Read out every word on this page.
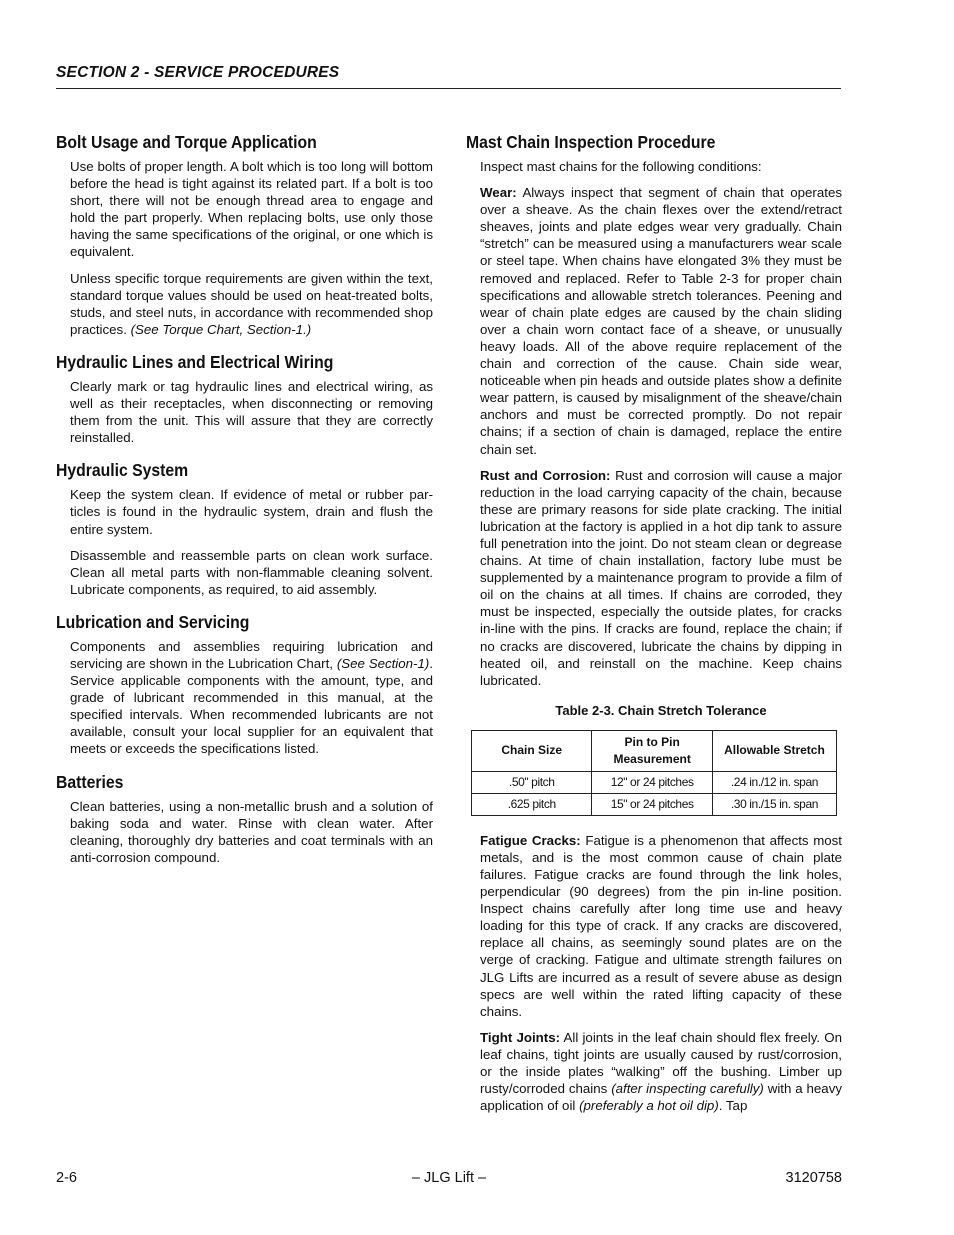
SECTION 2 - SERVICE PROCEDURES
Bolt Usage and Torque Application

Use bolts of proper length. A bolt which is too long will bottom before the head is tight against its related part. If a bolt is too short, there will not be enough thread area to engage and hold the part properly. When replacing bolts, use only those having the same specifications of the original, or one which is equivalent.

Unless specific torque requirements are given within the text, standard torque values should be used on heat-treated bolts, studs, and steel nuts, in accordance with recommended shop practices. (See Torque Chart, Section-1.)

Hydraulic Lines and Electrical Wiring

Clearly mark or tag hydraulic lines and electrical wiring, as well as their receptacles, when disconnecting or removing them from the unit. This will assure that they are correctly reinstalled.

Hydraulic System

Keep the system clean. If evidence of metal or rubber particles is found in the hydraulic system, drain and flush the entire system.

Disassemble and reassemble parts on clean work surface. Clean all metal parts with non-flammable cleaning solvent. Lubricate components, as required, to aid assembly.

Lubrication and Servicing

Components and assemblies requiring lubrication and servicing are shown in the Lubrication Chart, (See Section-1). Service applicable components with the amount, type, and grade of lubricant recommended in this manual, at the specified intervals. When recommended lubricants are not available, consult your local supplier for an equivalent that meets or exceeds the specifications listed.

Batteries

Clean batteries, using a non-metallic brush and a solution of baking soda and water. Rinse with clean water. After cleaning, thoroughly dry batteries and coat terminals with an anti-corrosion compound.

Mast Chain Inspection Procedure

Inspect mast chains for the following conditions:

Wear: Always inspect that segment of chain that operates over a sheave. As the chain flexes over the extend/retract sheaves, joints and plate edges wear very gradually. Chain “stretch” can be measured using a manufacturers wear scale or steel tape. When chains have elongated 3% they must be removed and replaced. Refer to Table 2-3 for proper chain specifications and allowable stretch tolerances. Peening and wear of chain plate edges are caused by the chain sliding over a chain worn contact face of a sheave, or unusually heavy loads. All of the above require replacement of the chain and correction of the cause. Chain side wear, noticeable when pin heads and outside plates show a definite wear pattern, is caused by misalignment of the sheave/chain anchors and must be corrected promptly. Do not repair chains; if a section of chain is damaged, replace the entire chain set.

Rust and Corrosion: Rust and corrosion will cause a major reduction in the load carrying capacity of the chain, because these are primary reasons for side plate cracking. The initial lubrication at the factory is applied in a hot dip tank to assure full penetration into the joint. Do not steam clean or degrease chains. At time of chain installation, factory lube must be supplemented by a maintenance program to provide a film of oil on the chains at all times. If chains are corroded, they must be inspected, especially the outside plates, for cracks in-line with the pins. If cracks are found, replace the chain; if no cracks are discovered, lubricate the chains by dipping in heated oil, and reinstall on the machine. Keep chains lubricated.

Table 2-3. Chain Stretch Tolerance
Chain Size	Pin to Pin Measurement	Allowable Stretch
.50" pitch	12" or 24 pitches	.24 in./12 in. span
.625 pitch	15" or 24 pitches	.30 in./15 in. span

Fatigue Cracks: Fatigue is a phenomenon that affects most metals, and is the most common cause of chain plate failures. Fatigue cracks are found through the link holes, perpendicular (90 degrees) from the pin in-line position. Inspect chains carefully after long time use and heavy loading for this type of crack. If any cracks are discovered, replace all chains, as seemingly sound plates are on the verge of cracking. Fatigue and ultimate strength failures on JLG Lifts are incurred as a result of severe abuse as design specs are well within the rated lifting capacity of these chains.

Tight Joints: All joints in the leaf chain should flex freely. On leaf chains, tight joints are usually caused by rust/corrosion, or the inside plates “walking” off the bushing. Limber up rusty/corroded chains (after inspecting carefully) with a heavy application of oil (preferably a hot oil dip). Tap

2-6	– JLG Lift –	3120758
